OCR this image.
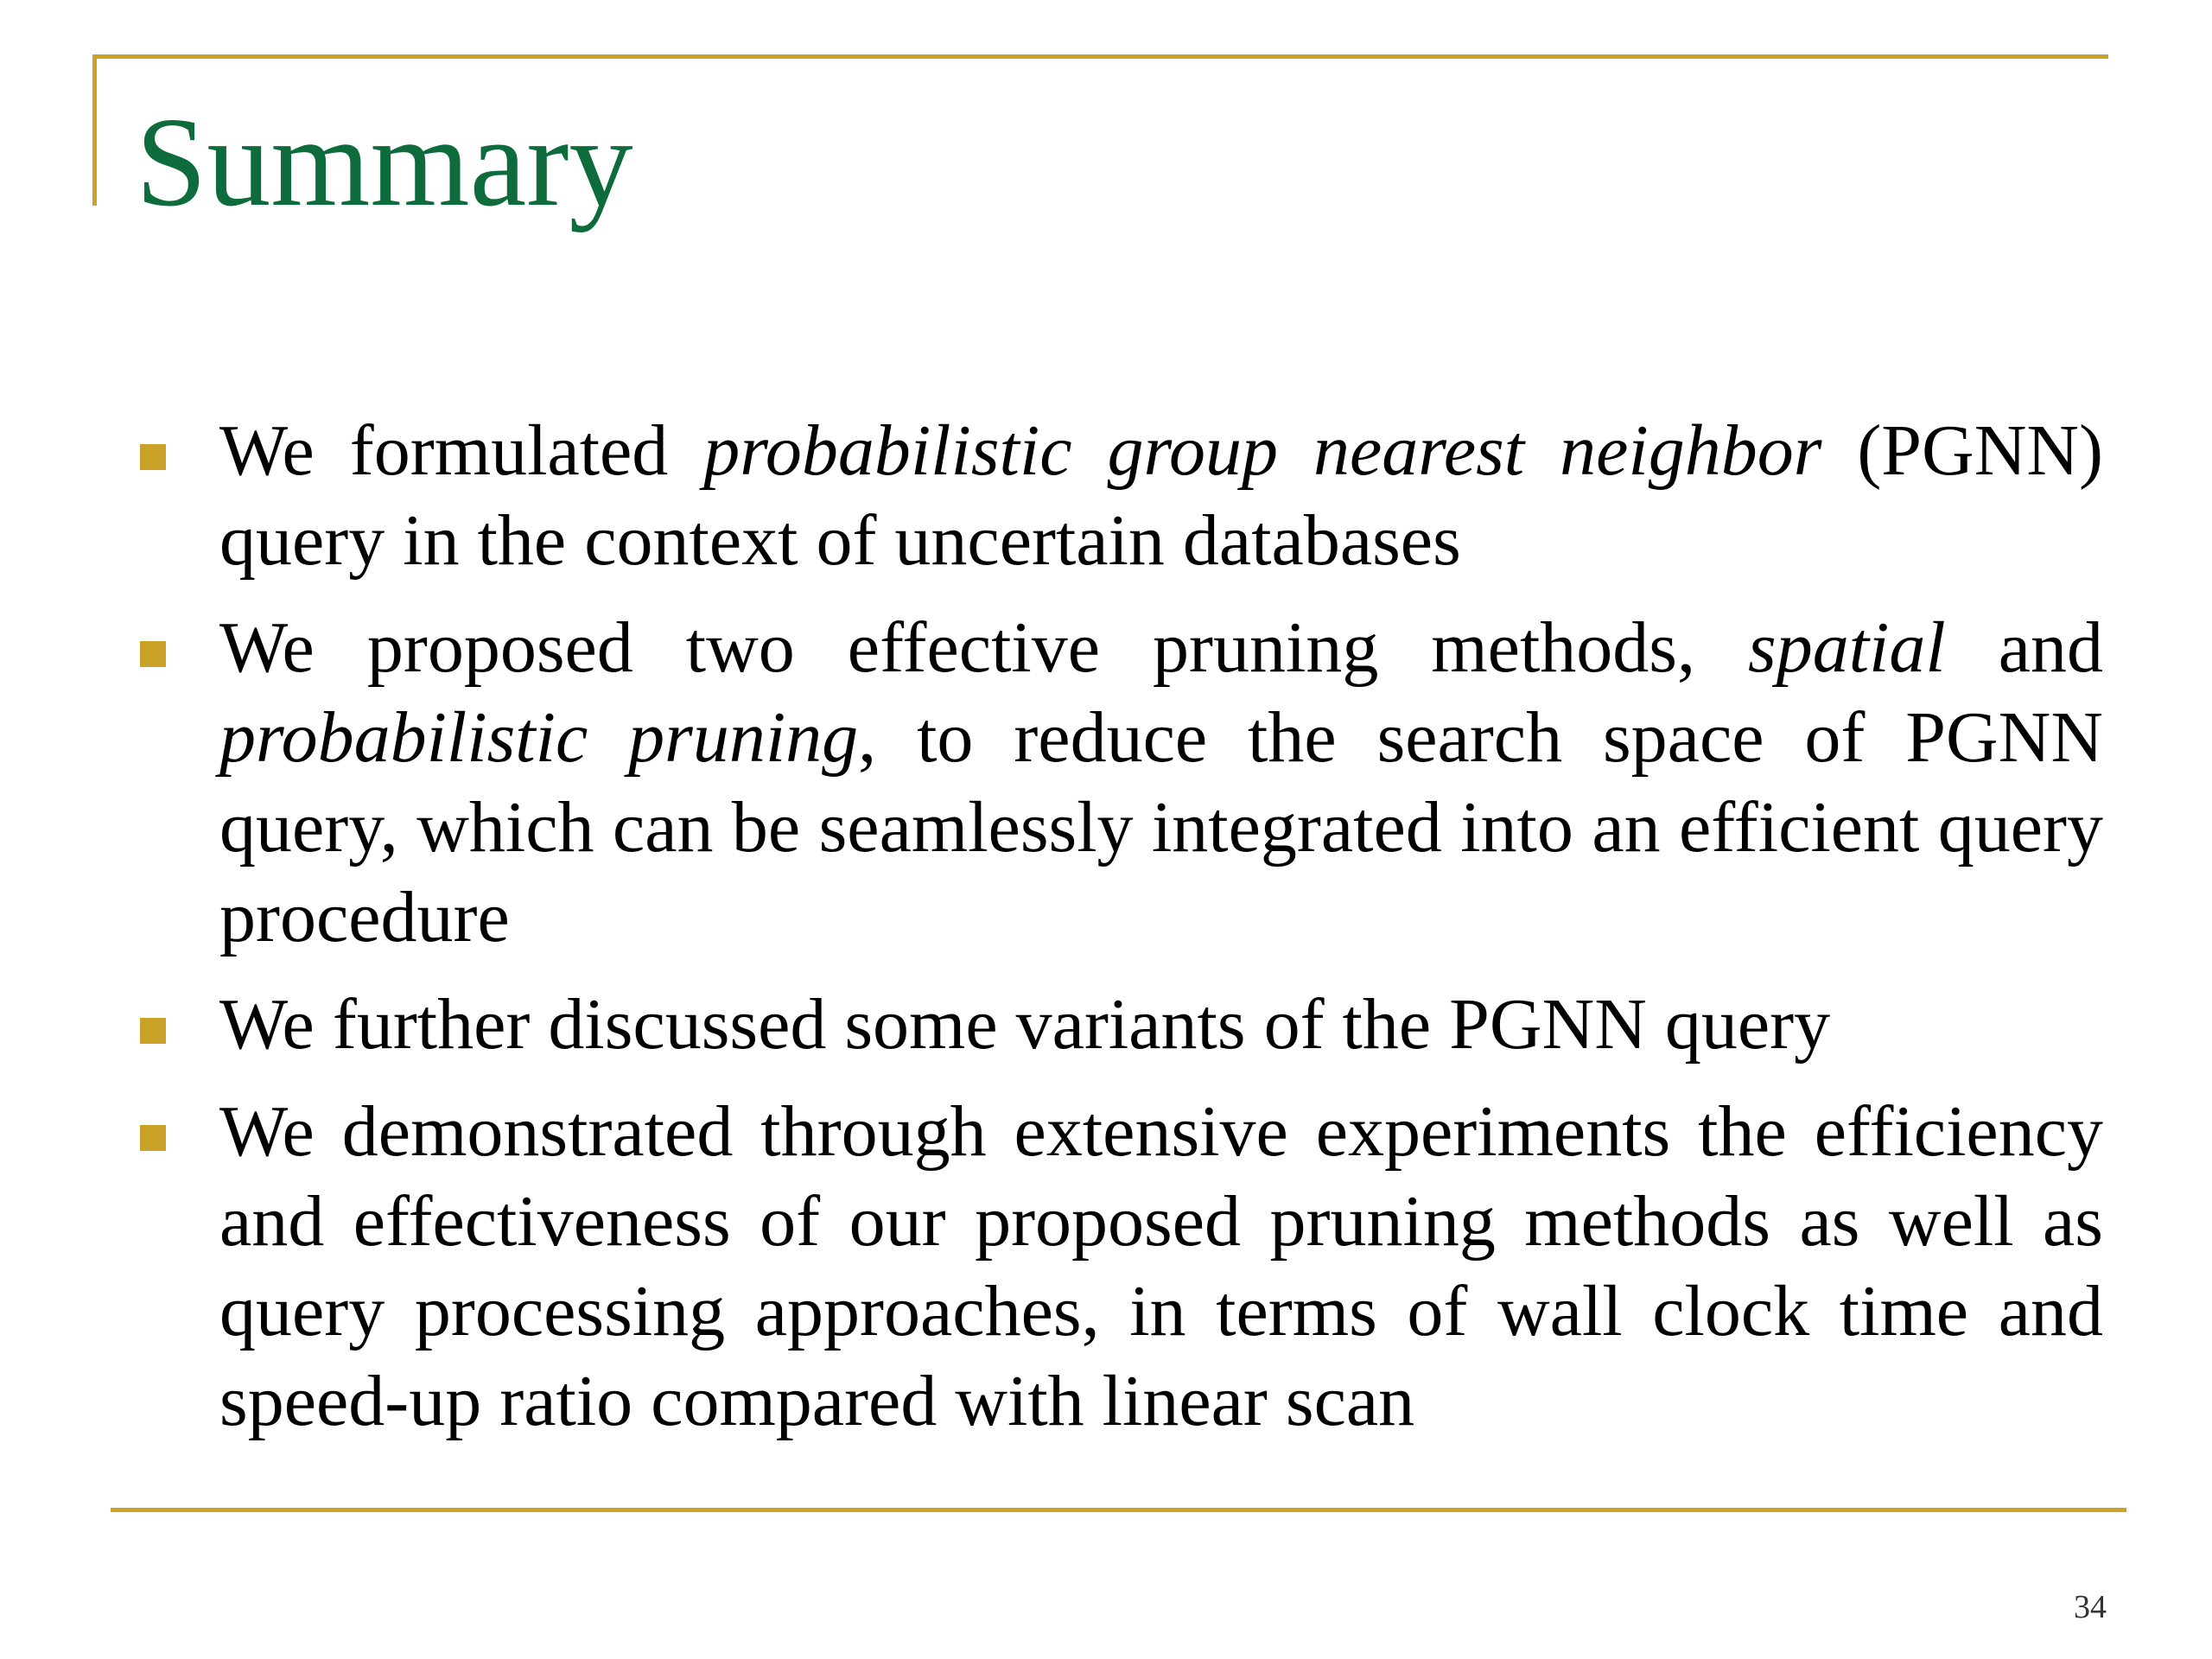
Summary
We formulated probabilistic group nearest neighbor (PGNN) query in the context of uncertain databases
We proposed two effective pruning methods, spatial and probabilistic pruning, to reduce the search space of PGNN query, which can be seamlessly integrated into an efficient query procedure
We further discussed some variants of the PGNN query
We demonstrated through extensive experiments the efficiency and effectiveness of our proposed pruning methods as well as query processing approaches, in terms of wall clock time and speed-up ratio compared with linear scan
34
